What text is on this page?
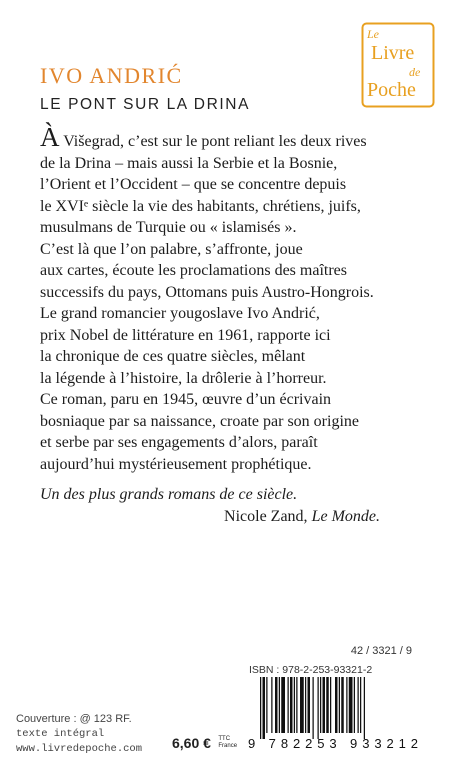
Le
Livre
de
Poche
IVO ANDRIĆ
LE PONT SUR LA DRINA
À Višegrad, c’est sur le pont reliant les deux rives
de la Drina – mais aussi la Serbie et la Bosnie,
l’Orient et l’Occident – que se concentre depuis
le XVIᵉ siècle la vie des habitants, chrétiens, juifs,
musulmans de Turquie ou « islamisés ».
C’est là que l’on palabre, s’affronte, joue
aux cartes, écoute les proclamations des maîtres
successifs du pays, Ottomans puis Austro-Hongrois.
Le grand romancier yougoslave Ivo Andrić,
prix Nobel de littérature en 1961, rapporte ici
la chronique de ces quatre siècles, mêlant
la légende à l’histoire, la drôlerie à l’horreur.
Ce roman, paru en 1945, œuvre d’un écrivain
bosniaque par sa naissance, croate par son origine
et serbe par ses engagements d’alors, paraît
aujourd’hui mystérieusement prophétique.
Un des plus grands romans de ce siècle.
Nicole Zand, Le Monde.
42 / 3321 / 9
ISBN : 978-2-253-93321-2
9 782253 933212
Couverture : @ 123 RF.
texte intégral
www.livredepoche.com 6,60 € TTC
France
